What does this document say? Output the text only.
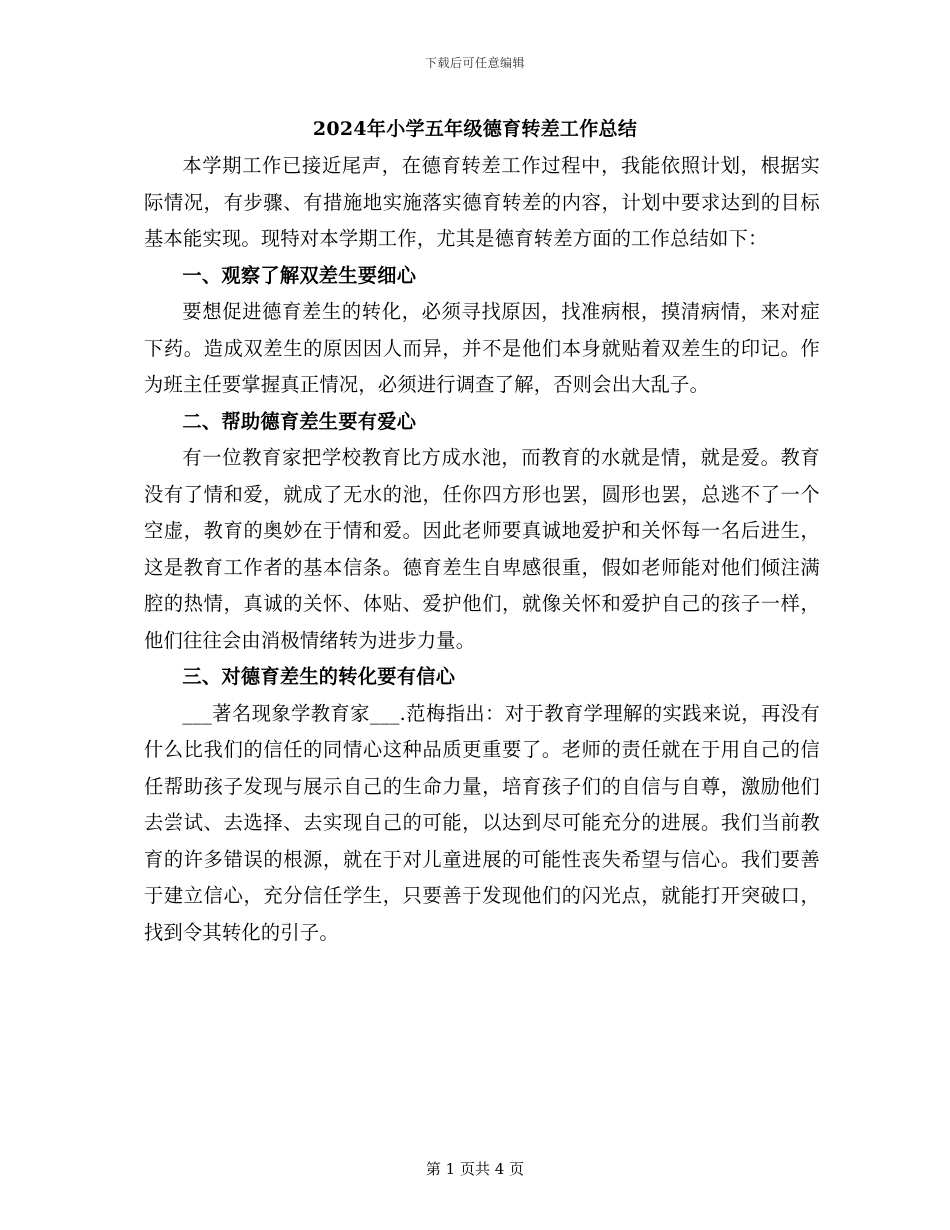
下载后可任意编辑
2024年小学五年级德育转差工作总结

本学期工作已接近尾声，在德育转差工作过程中，我能依照计划，根据实际情况，有步骤、有措施地实施落实德育转差的内容，计划中要求达到的目标基本能实现。现特对本学期工作，尤其是德育转差方面的工作总结如下：

一、观察了解双差生要细心

要想促进德育差生的转化，必须寻找原因，找准病根，摸清病情，来对症下药。造成双差生的原因因人而异，并不是他们本身就贴着双差生的印记。作为班主任要掌握真正情况，必须进行调查了解，否则会出大乱子。

二、帮助德育差生要有爱心

有一位教育家把学校教育比方成水池，而教育的水就是情，就是爱。教育没有了情和爱，就成了无水的池，任你四方形也罢，圆形也罢，总逃不了一个空虚，教育的奥妙在于情和爱。因此老师要真诚地爱护和关怀每一名后进生，这是教育工作者的基本信条。德育差生自卑感很重，假如老师能对他们倾注满腔的热情，真诚的关怀、体贴、爱护他们，就像关怀和爱护自己的孩子一样，他们往往会由消极情绪转为进步力量。

三、对德育差生的转化要有信心

___著名现象学教育家___.范梅指出：对于教育学理解的实践来说，再没有什么比我们的信任的同情心这种品质更重要了。老师的责任就在于用自己的信任帮助孩子发现与展示自己的生命力量，培育孩子们的自信与自尊，激励他们去尝试、去选择、去实现自己的可能，以达到尽可能充分的进展。我们当前教育的许多错误的根源，就在于对儿童进展的可能性丧失希望与信心。我们要善于建立信心，充分信任学生，只要善于发现他们的闪光点，就能打开突破口，找到令其转化的引子。

第 1 页共 4 页
